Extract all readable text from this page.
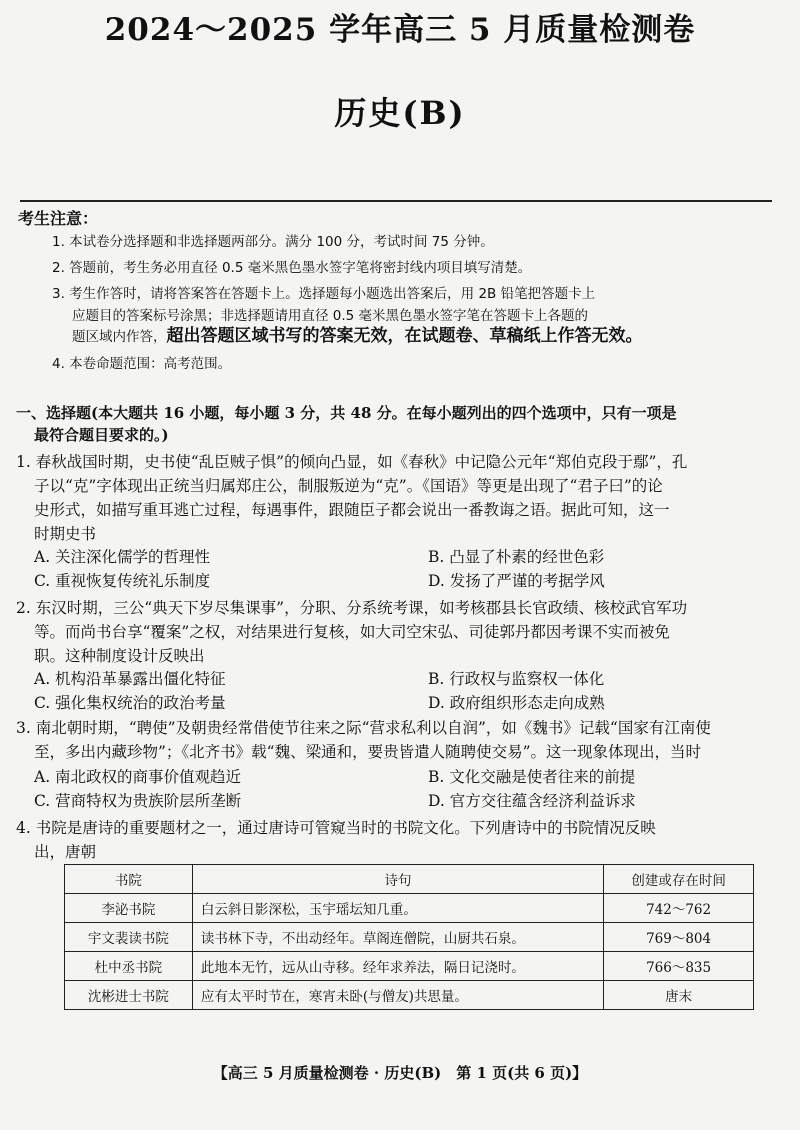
2024～2025 学年高三 5 月质量检测卷
历史(B)
考生注意：
1. 本试卷分选择题和非选择题两部分。满分 100 分，考试时间 75 分钟。
2. 答题前，考生务必用直径 0.5 毫米黑色墨水签字笔将密封线内项目填写清楚。
3. 考生作答时，请将答案答在答题卡上。选择题每小题选出答案后，用 2B 铅笔把答题卡上
应题目的答案标号涂黑；非选择题请用直径 0.5 毫米黑色墨水签字笔在答题卡上各题的
题区域内作答，超出答题区域书写的答案无效，在试题卷、草稿纸上作答无效。
4. 本卷命题范围：高考范围。
一、选择题(本大题共 16 小题，每小题 3 分，共 48 分。在每小题列出的四个选项中，只有一项是
最符合题目要求的。)
1. 春秋战国时期，史书使“乱臣贼子惧”的倾向凸显，如《春秋》中记隐公元年“郑伯克段于鄢”，孔
子以“克”字体现出正统当归属郑庄公，制服叛逆为“克”。《国语》等更是出现了“君子曰”的论
史形式，如描写重耳逃亡过程，每遇事件，跟随臣子都会说出一番教诲之语。据此可知，这一
时期史书
A. 关注深化儒学的哲理性	B. 凸显了朴素的经世色彩
C. 重视恢复传统礼乐制度	D. 发扬了严谨的考据学风
2. 东汉时期，三公“典天下岁尽集课事”，分职、分系统考课，如考核郡县长官政绩、核校武官军功
等。而尚书台享“覆案”之权，对结果进行复核，如大司空宋弘、司徒郭丹都因考课不实而被免
职。这种制度设计反映出
A. 机构沿革暴露出僵化特征	B. 行政权与监察权一体化
C. 强化集权统治的政治考量	D. 政府组织形态走向成熟
3. 南北朝时期，“聘使”及朝贵经常借使节往来之际“营求私利以自润”，如《魏书》记载“国家有江南使
至，多出内藏珍物”；《北齐书》载“魏、梁通和，要贵皆遣人随聘使交易”。这一现象体现出，当时
A. 南北政权的商事价值观趋近	B. 文化交融是使者往来的前提
C. 营商特权为贵族阶层所垄断	D. 官方交往蕴含经济利益诉求
4. 书院是唐诗的重要题材之一，通过唐诗可管窥当时的书院文化。下列唐诗中的书院情况反映
出，唐朝
书院	诗句	创建或存在时间
李泌书院	白云斜日影深松，玉宇瑶坛知几重。	742～762
宇文裴读书院	读书林下寺，不出动经年。草阁连僧院，山厨共石泉。	769～804
杜中丞书院	此地本无竹，远从山寺移。经年求养法，隔日记浇时。	766～835
沈彬进士书院	应有太平时节在，寒宵未卧(与僧友)共思量。	唐末
【高三 5 月质量检测卷 · 历史(B)　第 1 页(共 6 页)】
